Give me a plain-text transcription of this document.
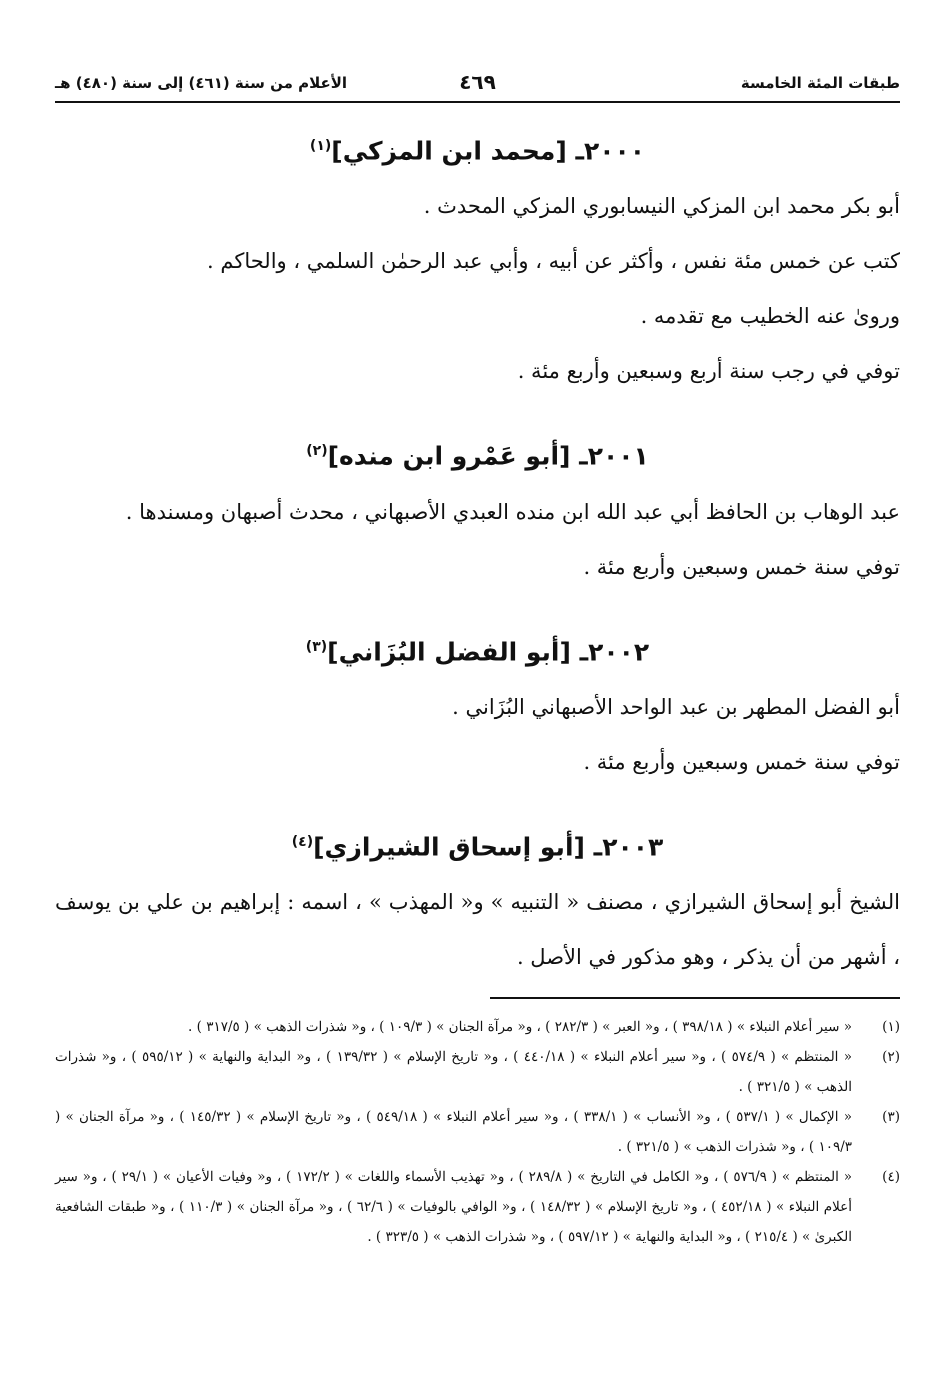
طبقات المئة الخامسة
٤٦٩
الأعلام من سنة (٤٦١) إلى سنة (٤٨٠) هـ
٢٠٠٠ـ [محمد ابن المزكي]$^{(١)}$

أبو بكر محمد ابن المزكي النيسابوري المزكي المحدث .

كتب عن خمس مئة نفس ، وأكثر عن أبيه ، وأبي عبد الرحمٰن السلمي ، والحاكم .

وروىٰ عنه الخطيب مع تقدمه .

توفي في رجب سنة أربع وسبعين وأربع مئة .

٢٠٠١ـ [أبو عَمْرو ابن منده]$^{(٢)}$

عبد الوهاب بن الحافظ أبي عبد الله ابن منده العبدي الأصبهاني ، محدث أصبهان ومسندها .

توفي سنة خمس وسبعين وأربع مئة .

٢٠٠٢ـ [أبو الفضل البُزَاني]$^{(٣)}$

أبو الفضل المطهر بن عبد الواحد الأصبهاني البُزَاني .

توفي سنة خمس وسبعين وأربع مئة .

٢٠٠٣ـ [أبو إسحاق الشيرازي]$^{(٤)}$

الشيخ أبو إسحاق الشيرازي ، مصنف « التنبيه » و« المهذب » ، اسمه : إبراهيم بن علي بن يوسف ، أشهر من أن يذكر ، وهو مذكور في الأصل .

(١)
« سير أعلام النبلاء » ( ٣٩٨/١٨ ) ، و« العبر » ( ٢٨٢/٣ ) ، و« مرآة الجنان » ( ١٠٩/٣ ) ، و« شذرات الذهب » ( ٣١٧/٥ ) .
(٢)
« المنتظم » ( ٥٧٤/٩ ) ، و« سير أعلام النبلاء » ( ٤٤٠/١٨ ) ، و« تاريخ الإسلام » ( ١٣٩/٣٢ ) ، و« البداية والنهاية » ( ٥٩٥/١٢ ) ، و« شذرات الذهب » ( ٣٢١/٥ ) .
(٣)
« الإكمال » ( ٥٣٧/١ ) ، و« الأنساب » ( ٣٣٨/١ ) ، و« سير أعلام النبلاء » ( ٥٤٩/١٨ ) ، و« تاريخ الإسلام » ( ١٤٥/٣٢ ) ، و« مرآة الجنان » ( ١٠٩/٣ ) ، و« شذرات الذهب » ( ٣٢١/٥ ) .
(٤)
« المنتظم » ( ٥٧٦/٩ ) ، و« الكامل في التاريخ » ( ٢٨٩/٨ ) ، و« تهذيب الأسماء واللغات » ( ١٧٢/٢ ) ، و« وفيات الأعيان » ( ٢٩/١ ) ، و« سير أعلام النبلاء » ( ٤٥٢/١٨ ) ، و« تاريخ الإسلام » ( ١٤٨/٣٢ ) ، و« الوافي بالوفيات » ( ٦٢/٦ ) ، و« مرآة الجنان » ( ١١٠/٣ ) ، و« طبقات الشافعية الكبرىٰ » ( ٢١٥/٤ ) ، و« البداية والنهاية » ( ٥٩٧/١٢ ) ، و« شذرات الذهب » ( ٣٢٣/٥ ) .
